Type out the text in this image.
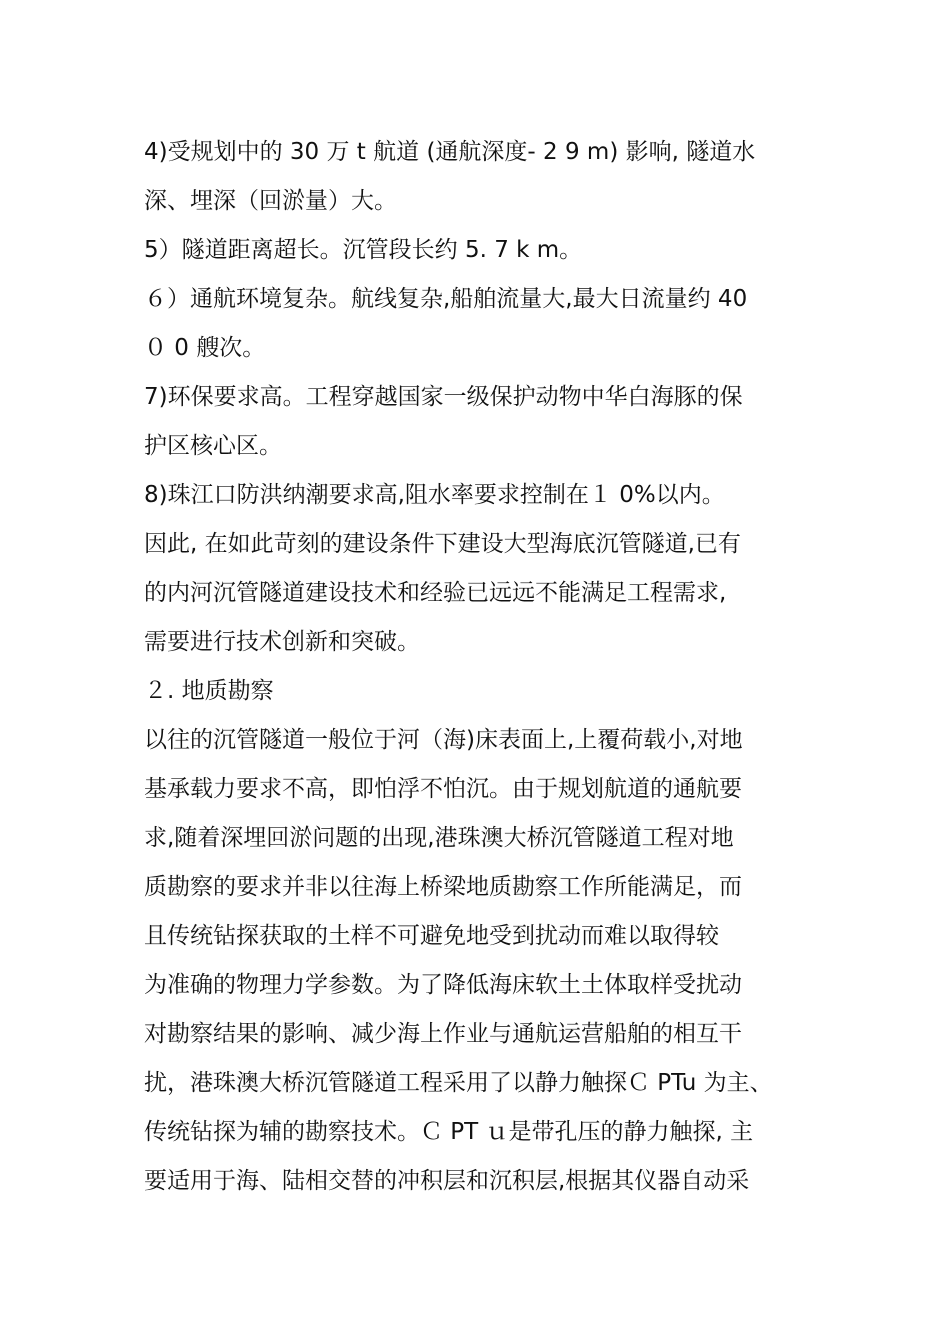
4)受规划中的 30 万 t 航道 (通航深度- 2 9 m) 影响, 隧道水
深、埋深（回淤量）大。
5）隧道距离超长。沉管段长约 5. 7 k m。
６）通航环境复杂。航线复杂,船舶流量大,最大日流量约 40
０ 0 艘次。
7)环保要求高。工程穿越国家一级保护动物中华白海豚的保
护区核心区。
8)珠江口防洪纳潮要求高,阻水率要求控制在１ 0%以内。
因此, 在如此苛刻的建设条件下建设大型海底沉管隧道,已有
的内河沉管隧道建设技术和经验已远远不能满足工程需求,
需要进行技术创新和突破。
２. 地质勘察
以往的沉管隧道一般位于河（海)床表面上,上覆荷载小,对地
基承载力要求不高，即怕浮不怕沉。由于规划航道的通航要
求,随着深埋回淤问题的出现,港珠澳大桥沉管隧道工程对地
质勘察的要求并非以往海上桥梁地质勘察工作所能满足，而
且传统钻探获取的土样不可避免地受到扰动而难以取得较
为准确的物理力学参数。为了降低海床软土土体取样受扰动
对勘察结果的影响、减少海上作业与通航运营船舶的相互干
扰，港珠澳大桥沉管隧道工程采用了以静力触探Ｃ PTu 为主、
传统钻探为辅的勘察技术。Ｃ PT ｕ是带孔压的静力触探, 主
要适用于海、陆相交替的冲积层和沉积层,根据其仪器自动采
